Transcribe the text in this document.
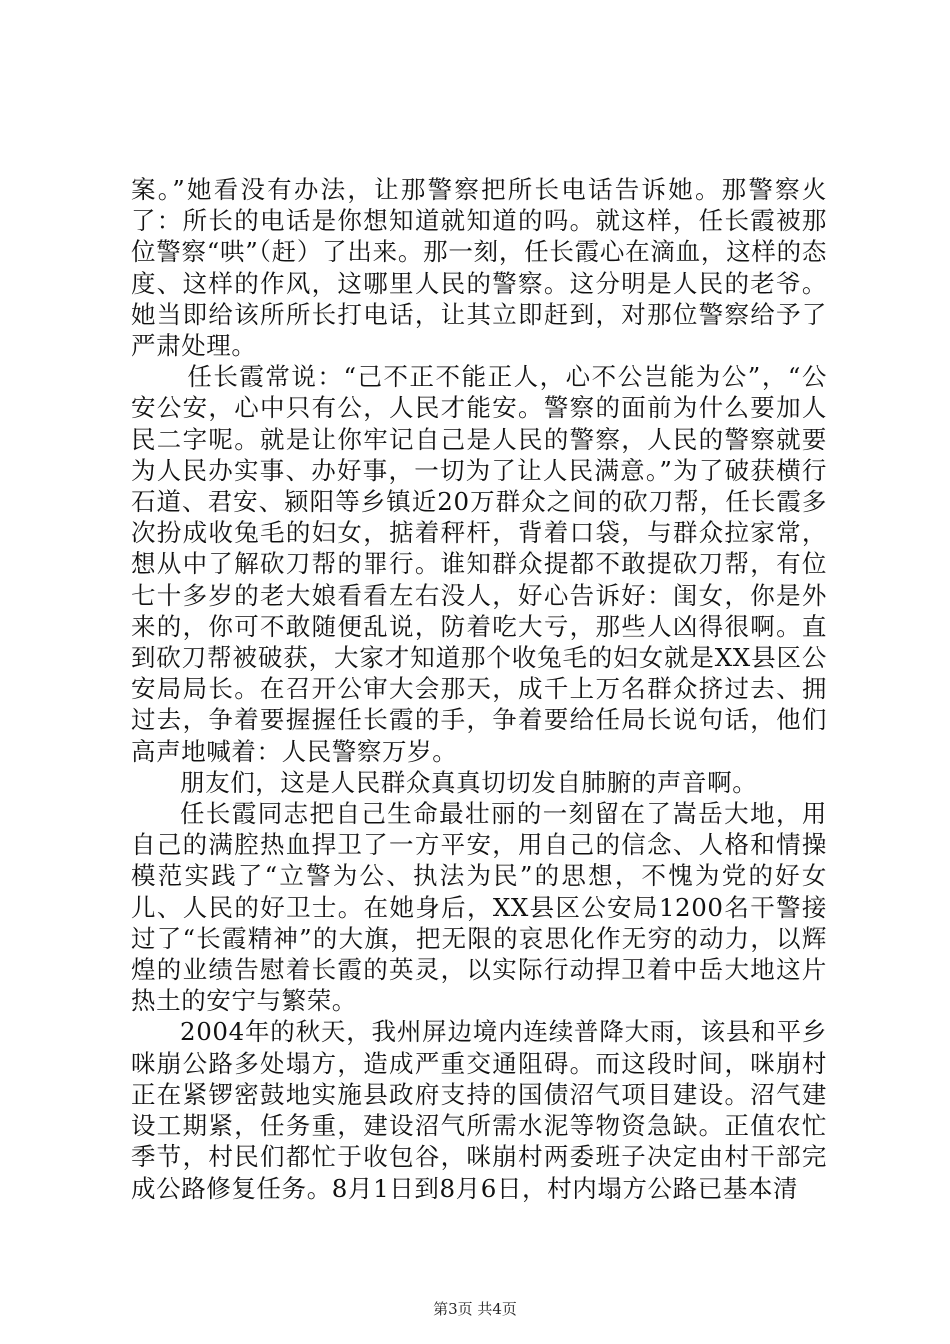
案。”她看没有办法，让那警察把所长电话告诉她。那警察火了：所长的电话是你想知道就知道的吗。就这样，任长霞被那位警察“哄”（赶）了出来。那一刻，任长霞心在滴血，这样的态度、这样的作风，这哪里人民的警察。这分明是人民的老爷。她当即给该所所长打电话，让其立即赶到，对那位警察给予了严肃处理。

任长霞常说：“己不正不能正人，心不公岂能为公”，“公安公安，心中只有公，人民才能安。警察的面前为什么要加人民二字呢。就是让你牢记自己是人民的警察，人民的警察就要为人民办实事、办好事，一切为了让人民满意。”为了破获横行石道、君安、颍阳等乡镇近20万群众之间的砍刀帮，任长霞多次扮成收兔毛的妇女，掂着秤杆，背着口袋，与群众拉家常，想从中了解砍刀帮的罪行。谁知群众提都不敢提砍刀帮，有位七十多岁的老大娘看看左右没人，好心告诉好：闺女，你是外来的，你可不敢随便乱说，防着吃大亏，那些人凶得很啊。直到砍刀帮被破获，大家才知道那个收兔毛的妇女就是XX县区公安局局长。在召开公审大会那天，成千上万名群众挤过去、拥过去，争着要握握任长霞的手，争着要给任局长说句话，他们高声地喊着：人民警察万岁。

朋友们，这是人民群众真真切切发自肺腑的声音啊。

任长霞同志把自己生命最壮丽的一刻留在了嵩岳大地，用自己的满腔热血捍卫了一方平安，用自己的信念、人格和情操模范实践了“立警为公、执法为民”的思想，不愧为党的好女儿、人民的好卫士。在她身后，XX县区公安局1200名干警接过了“长霞精神”的大旗，把无限的哀思化作无穷的动力，以辉煌的业绩告慰着长霞的英灵，以实际行动捍卫着中岳大地这片热土的安宁与繁荣。

2004年的秋天，我州屏边境内连续普降大雨，该县和平乡咪崩公路多处塌方，造成严重交通阻碍。而这段时间，咪崩村正在紧锣密鼓地实施县政府支持的国债沼气项目建设。沼气建设工期紧，任务重，建设沼气所需水泥等物资急缺。正值农忙季节，村民们都忙于收包谷，咪崩村两委班子决定由村干部完成公路修复任务。8月1日到8月6日，村内塌方公路已基本清

第3页 共4页
